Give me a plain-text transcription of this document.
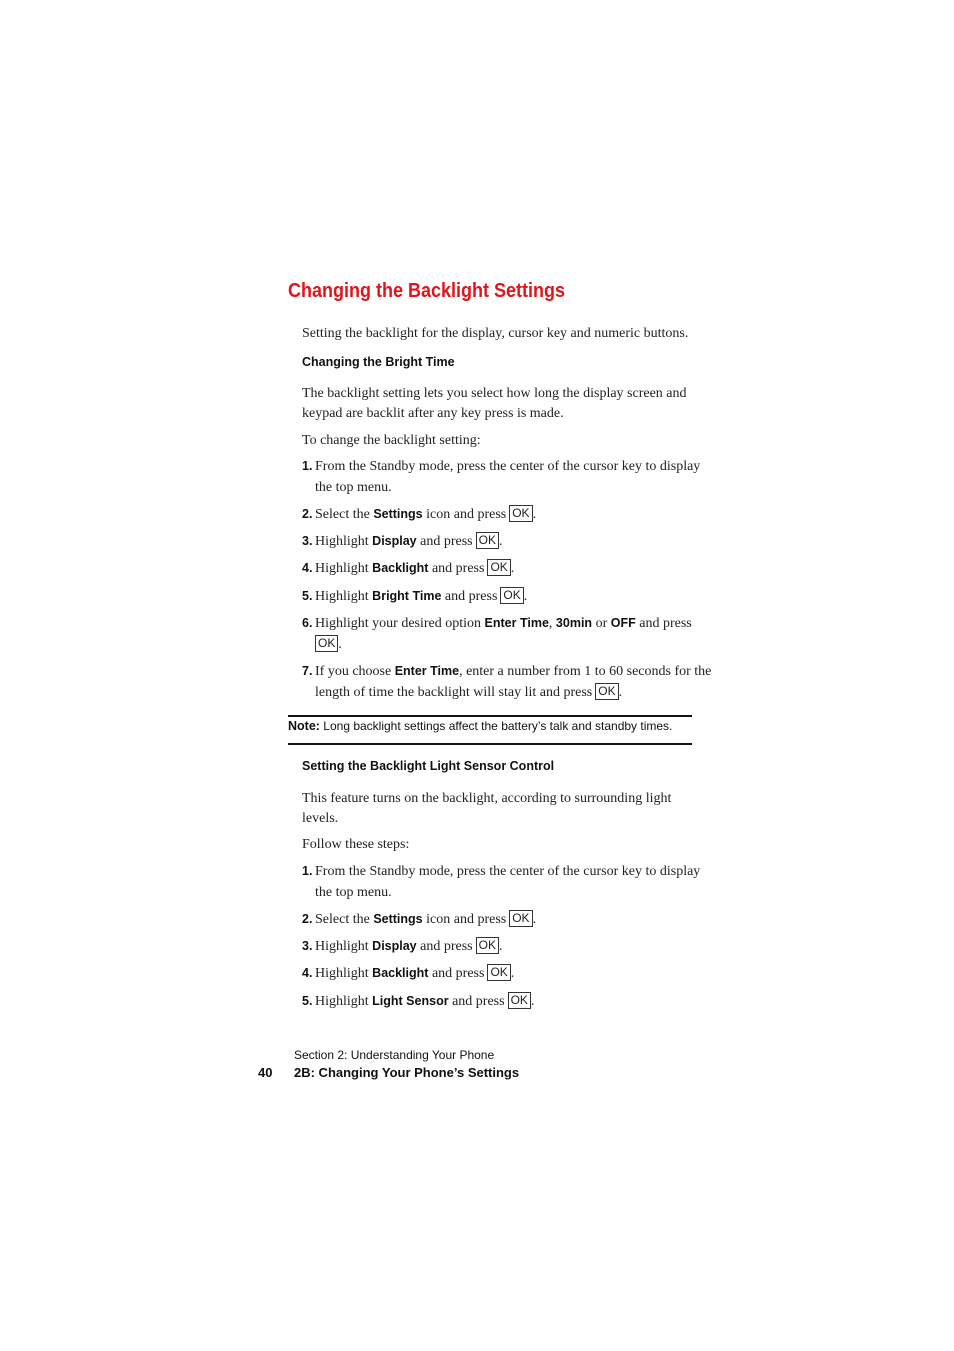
Changing the Backlight Settings
Setting the backlight for the display, cursor key and numeric buttons.
Changing the Bright Time
The backlight setting lets you select how long the display screen and
keypad are backlit after any key press is made.
To change the backlight setting:
1. From the Standby mode, press the center of the cursor key to display
the top menu.
2. Select the Settings icon and press OK .
3. Highlight Display and press OK .
4. Highlight Backlight and press OK .
5. Highlight Bright Time and press OK .
6. Highlight your desired option Enter Time, 30min or OFF and press
OK .
7. If you choose Enter Time, enter a number from 1 to 60 seconds for the
length of time the backlight will stay lit and press OK .
Note: Long backlight settings affect the battery’s talk and standby times.
Setting the Backlight Light Sensor Control
This feature turns on the backlight, according to surrounding light
levels.
Follow these steps:
1. From the Standby mode, press the center of the cursor key to display
the top menu.
2. Select the Settings icon and press OK .
3. Highlight Display and press OK .
4. Highlight Backlight and press OK .
5. Highlight Light Sensor and press OK .
Section 2: Understanding Your Phone
40 2B: Changing Your Phone’s Settings
